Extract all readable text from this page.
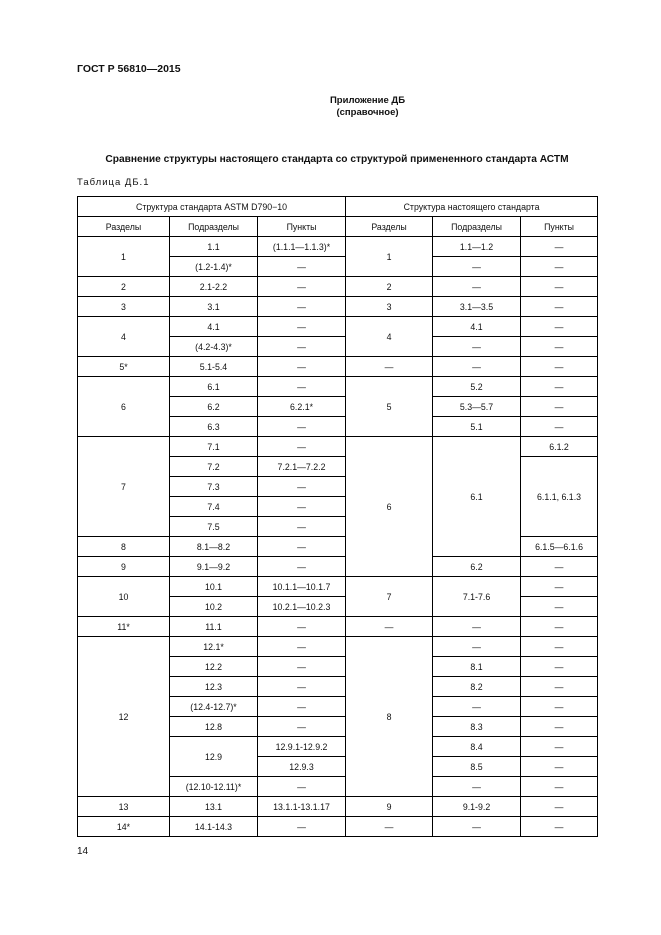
ГОСТ Р 56810—2015
Приложение ДБ
(справочное)
Сравнение структуры настоящего стандарта со структурой примененного стандарта АСТМ
Таблица ДБ.1
Структура стандарта ASTM D790−10			Структура настоящего стандарта		
Разделы	Подразделы	Пункты	Разделы	Подразделы	Пункты
1	1.1	(1.1.1—1.1.3)*	1	1.1—1.2	—
	(1.2-1.4)*	—		—	—
2	2.1-2.2	—	2	—	—
3	3.1	—	3	3.1—3.5	—
4	4.1	—	4	4.1	—
	(4.2-4.3)*	—		—	—
5*	5.1-5.4	—	—	—	—
6	6.1	—	5	5.2	—
	6.2	6.2.1*		5.3—5.7	—
	6.3	—		5.1	—
7	7.1	—	6	6.1	6.1.2
	7.2	7.2.1—7.2.2			6.1.1, 6.1.3
	7.3	—			
	7.4	—			
	7.5	—			
8	8.1—8.2	—			6.1.5—6.1.6
9	9.1—9.2	—		6.2	—
10	10.1	10.1.1—10.1.7	7	7.1-7.6	—
	10.2	10.2.1—10.2.3			—
11*	11.1	—	—	—	—
12	12.1*	—	8	—	—
	12.2	—		8.1	—
	12.3	—		8.2	—
	(12.4-12.7)*	—		—	—
	12.8	—		8.3	—
	12.9	12.9.1-12.9.2		8.4	—
		12.9.3		8.5	—
	(12.10-12.11)*	—		—	—
13	13.1	13.1.1-13.1.17	9	9.1-9.2	—
14*	14.1-14.3	—	—	—	—
14
